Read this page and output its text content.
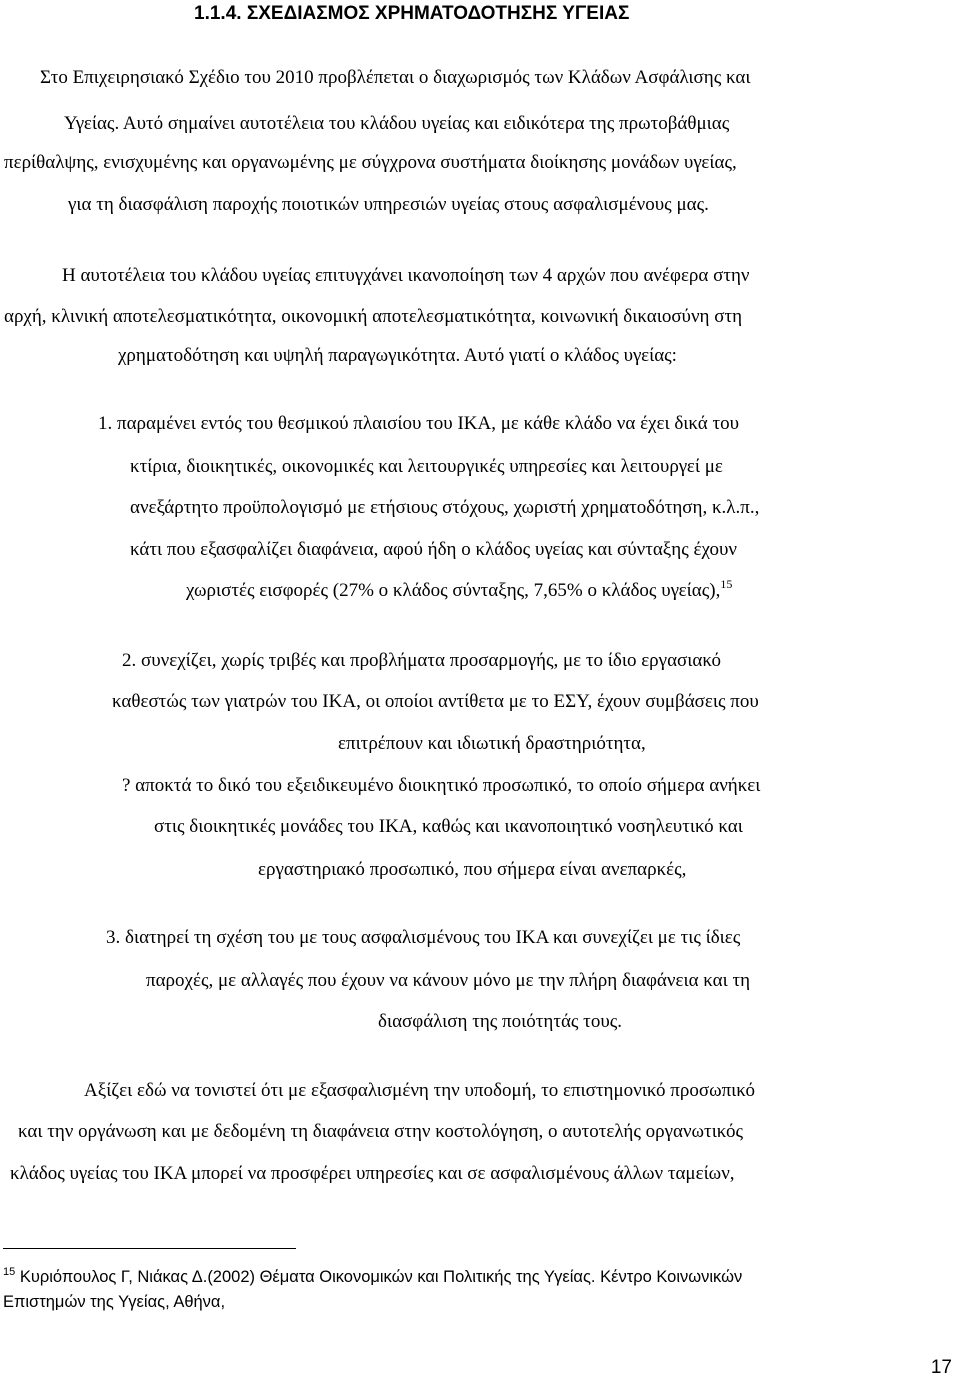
1.1.4. ΣΧΕΔΙΑΣΜΟΣ ΧΡΗΜΑΤΟΔΟΤΗΣΗΣ ΥΓΕΙΑΣ
Στο Επιχειρησιακό Σχέδιο του 2010 προβλέπεται ο διαχωρισμός των Κλάδων Ασφάλισης και
Υγείας. Αυτό σημαίνει αυτοτέλεια του κλάδου υγείας και ειδικότερα της πρωτοβάθμιας
περίθαλψης, ενισχυμένης και οργανωμένης με σύγχρονα συστήματα διοίκησης μονάδων υγείας,
για τη διασφάλιση παροχής ποιοτικών υπηρεσιών υγείας στους ασφαλισμένους μας.
Η αυτοτέλεια του κλάδου υγείας επιτυγχάνει ικανοποίηση των 4 αρχών που ανέφερα στην
αρχή, κλινική αποτελεσματικότητα, οικονομική αποτελεσματικότητα, κοινωνική δικαιοσύνη στη
χρηματοδότηση και υψηλή παραγωγικότητα. Αυτό γιατί ο κλάδος υγείας:
1. παραμένει εντός του θεσμικού πλαισίου του ΙΚΑ, με κάθε κλάδο να έχει δικά του
κτίρια, διοικητικές, οικονομικές και λειτουργικές υπηρεσίες και λειτουργεί με
ανεξάρτητο προϋπολογισμό με ετήσιους στόχους, χωριστή χρηματοδότηση, κ.λ.π.,
κάτι που εξασφαλίζει διαφάνεια, αφού ήδη ο κλάδος υγείας και σύνταξης έχουν
χωριστές εισφορές (27% ο κλάδος σύνταξης, 7,65% ο κλάδος υγείας),$^{15}$
2. συνεχίζει, χωρίς τριβές και προβλήματα προσαρμογής, με το ίδιο εργασιακό
καθεστώς των γιατρών του ΙΚΑ, οι οποίοι αντίθετα με το ΕΣΥ, έχουν συμβάσεις που
επιτρέπουν και ιδιωτική δραστηριότητα,
? αποκτά το δικό του εξειδικευμένο διοικητικό προσωπικό, το οποίο σήμερα ανήκει
στις διοικητικές μονάδες του ΙΚΑ, καθώς και ικανοποιητικό νοσηλευτικό και
εργαστηριακό προσωπικό, που σήμερα είναι ανεπαρκές,
3. διατηρεί τη σχέση του με τους ασφαλισμένους του ΙΚΑ και συνεχίζει με τις ίδιες
παροχές, με αλλαγές που έχουν να κάνουν μόνο με την πλήρη διαφάνεια και τη
διασφάλιση της ποιότητάς τους.
Αξίζει εδώ να τονιστεί ότι με εξασφαλισμένη την υποδομή, το επιστημονικό προσωπικό
και την οργάνωση και με δεδομένη τη διαφάνεια στην κοστολόγηση, ο αυτοτελής οργανωτικός
κλάδος υγείας του ΙΚΑ μπορεί να προσφέρει υπηρεσίες και σε ασφαλισμένους άλλων ταμείων,
$^{15}$ Κυριόπουλος Γ, Νιάκας Δ.(2002) Θέματα Οικονομικών και Πολιτικής της Υγείας. Κέντρο Κοινωνικών
Επιστημών της Υγείας, Αθήνα,
17
